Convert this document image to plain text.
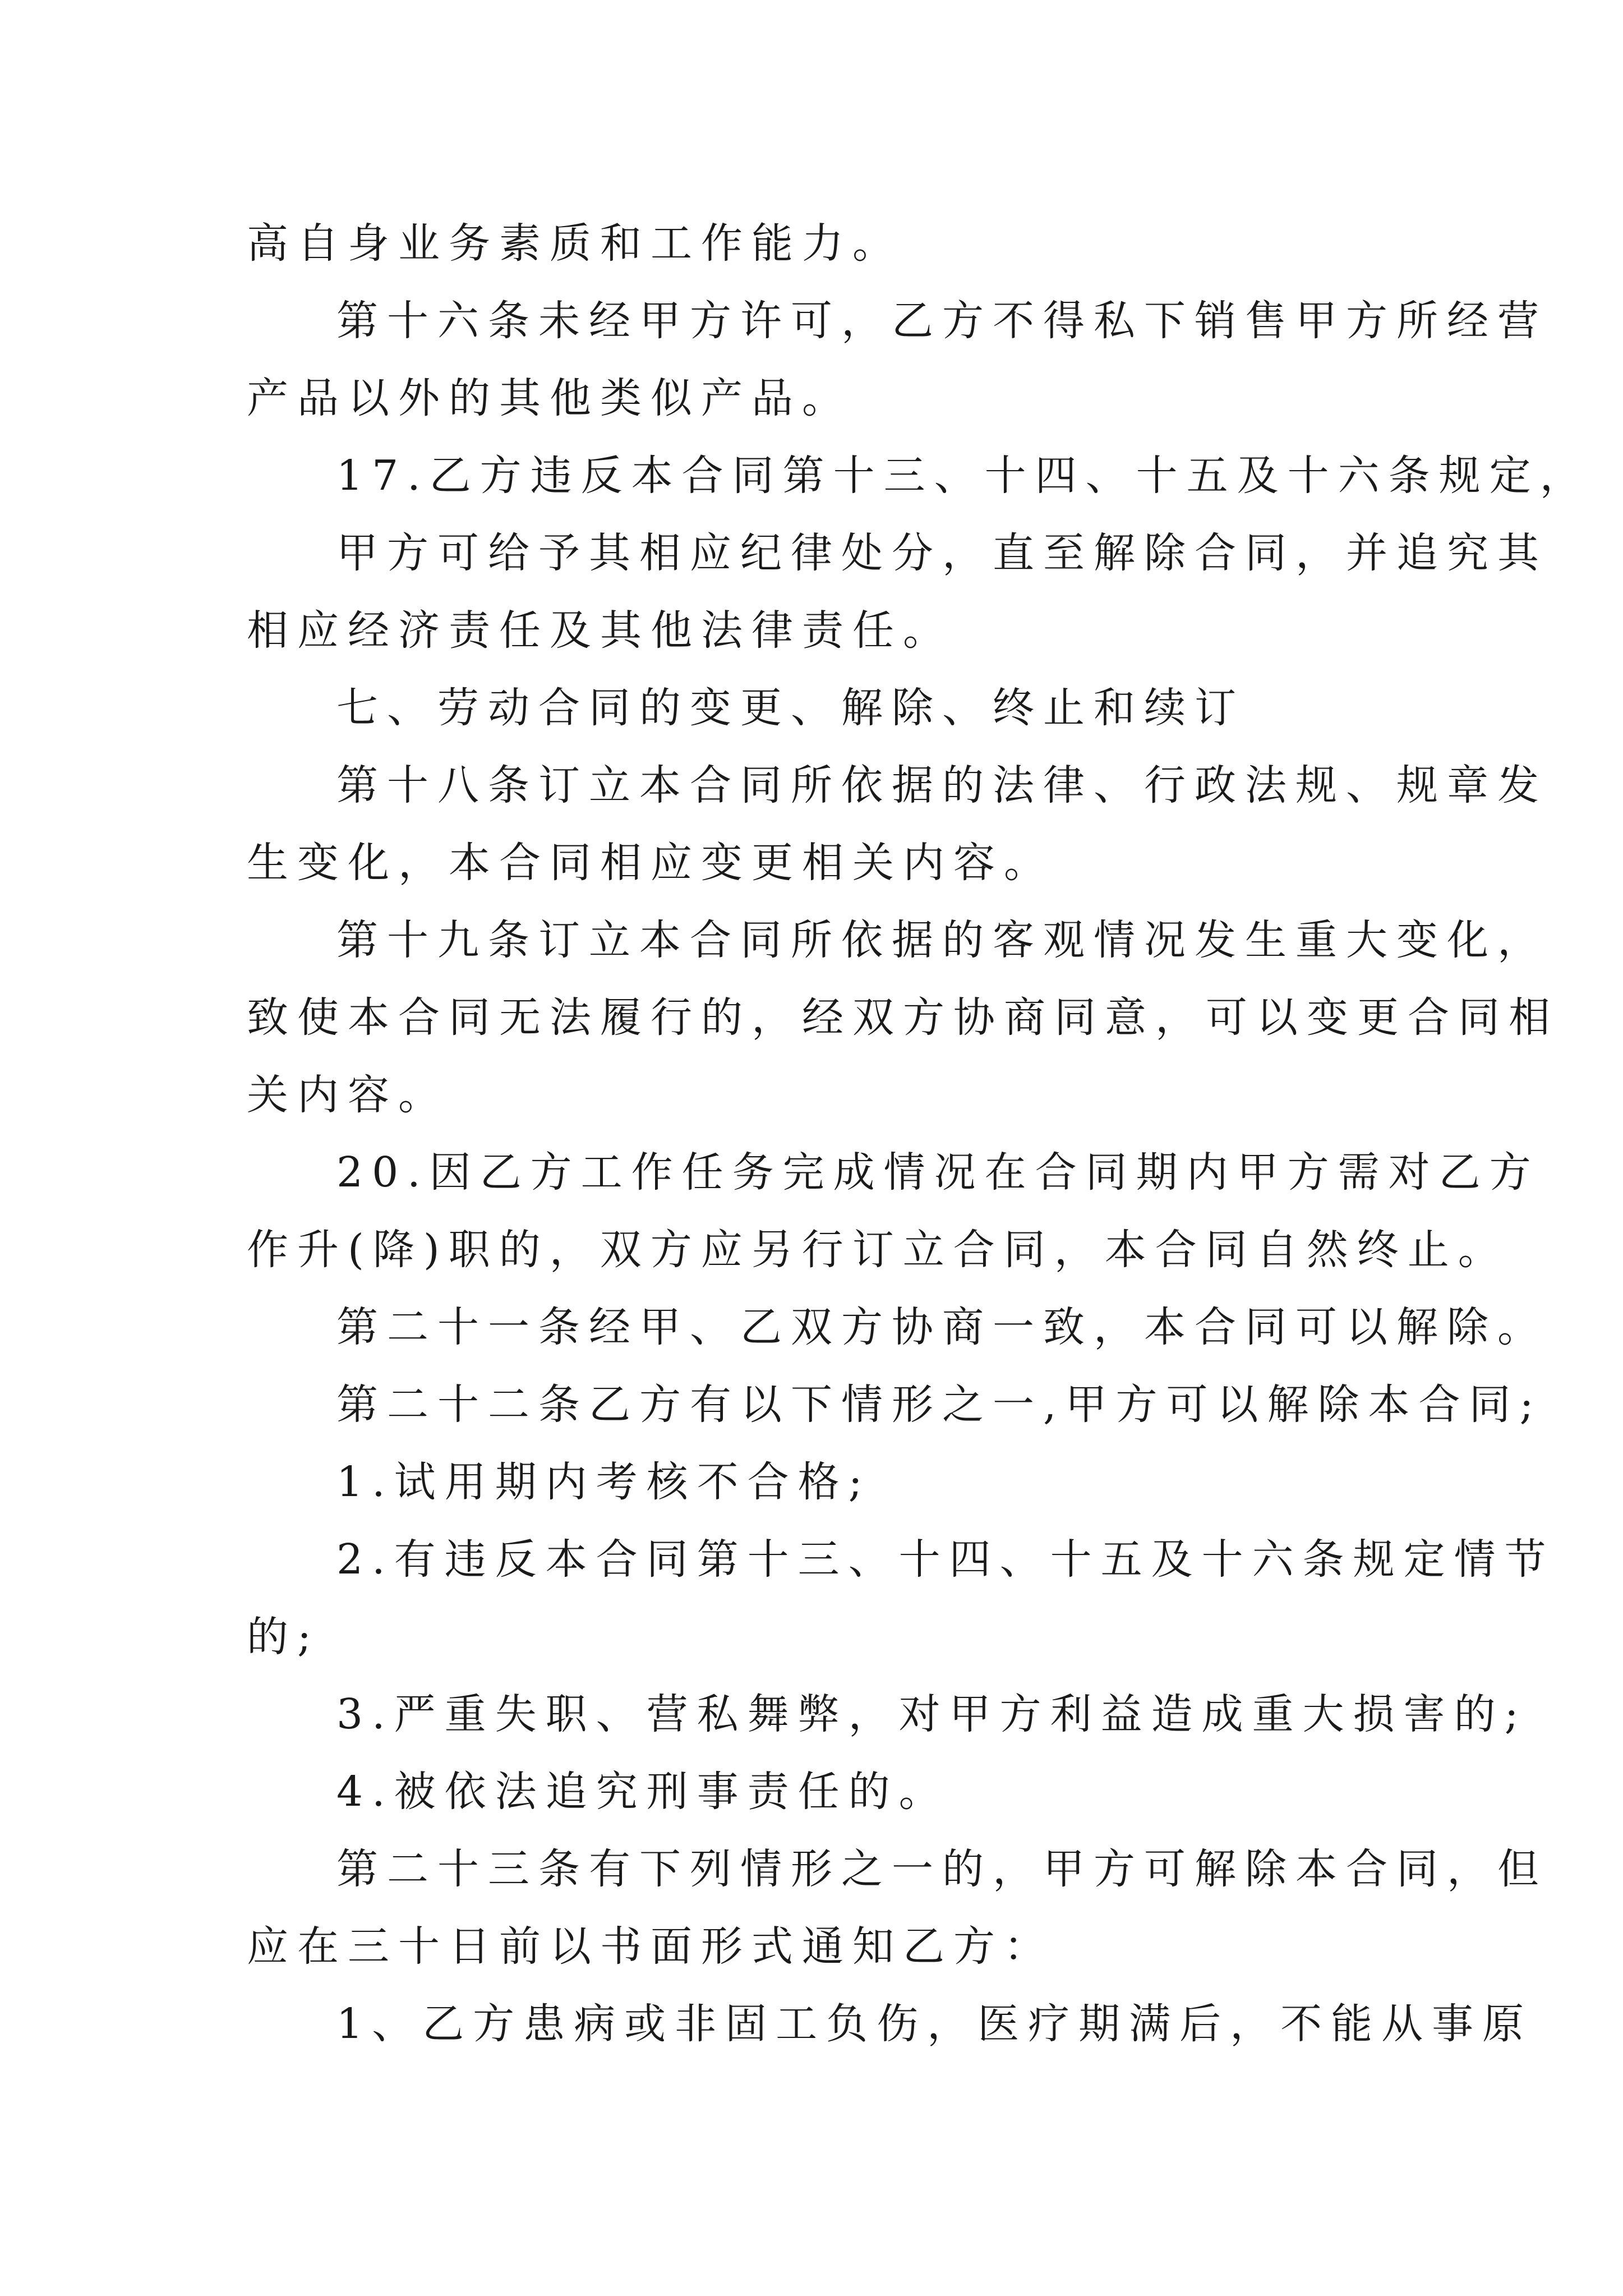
高自身业务素质和工作能力。
第十六条未经甲方许可，乙方不得私下销售甲方所经营
产品以外的其他类似产品。
17.乙方违反本合同第十三、十四、十五及十六条规定，
甲方可给予其相应纪律处分，直至解除合同，并追究其
相应经济责任及其他法律责任。
七、劳动合同的变更、解除、终止和续订
第十八条订立本合同所依据的法律、行政法规、规章发
生变化，本合同相应变更相关内容。
第十九条订立本合同所依据的客观情况发生重大变化，
致使本合同无法履行的，经双方协商同意，可以变更合同相
关内容。
20.因乙方工作任务完成情况在合同期内甲方需对乙方
作升(降)职的，双方应另行订立合同，本合同自然终止。
第二十一条经甲、乙双方协商一致，本合同可以解除。
第二十二条乙方有以下情形之一,甲方可以解除本合同;
1.试用期内考核不合格;
2.有违反本合同第十三、十四、十五及十六条规定情节
的;
3.严重失职、营私舞弊，对甲方利益造成重大损害的;
4.被依法追究刑事责任的。
第二十三条有下列情形之一的，甲方可解除本合同，但
应在三十日前以书面形式通知乙方：
1、乙方患病或非固工负伤，医疗期满后，不能从事原
